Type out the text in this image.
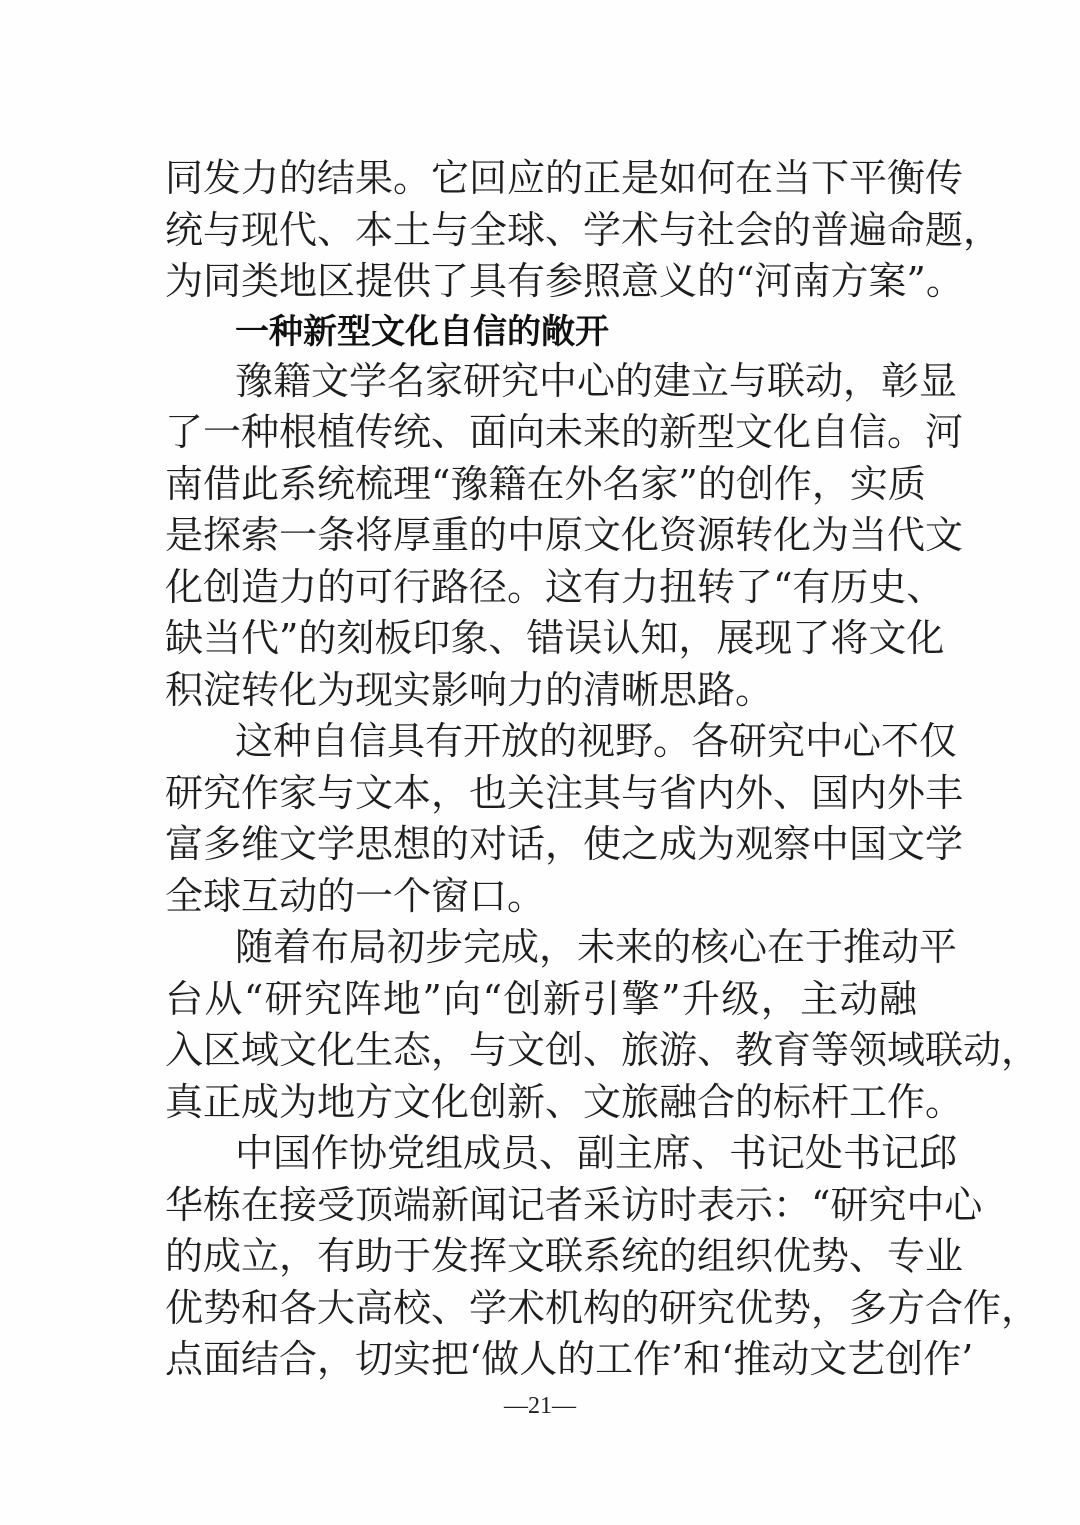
同发力的结果。它回应的正是如何在当下平衡传
统与现代、本土与全球、学术与社会的普遍命题，
为同类地区提供了具有参照意义的“河南方案”。
一种新型文化自信的敞开
豫籍文学名家研究中心的建立与联动，彰显
了一种根植传统、面向未来的新型文化自信。河
南借此系统梳理“豫籍在外名家”的创作，实质
是探索一条将厚重的中原文化资源转化为当代文
化创造力的可行路径。这有力扭转了“有历史、
缺当代”的刻板印象、错误认知，展现了将文化
积淀转化为现实影响力的清晰思路。
这种自信具有开放的视野。各研究中心不仅
研究作家与文本，也关注其与省内外、国内外丰
富多维文学思想的对话，使之成为观察中国文学
全球互动的一个窗口。
随着布局初步完成，未来的核心在于推动平
台从“研究阵地”向“创新引擎”升级，主动融
入区域文化生态，与文创、旅游、教育等领域联动，
真正成为地方文化创新、文旅融合的标杆工作。
中国作协党组成员、副主席、书记处书记邱
华栋在接受顶端新闻记者采访时表示：“研究中心
的成立，有助于发挥文联系统的组织优势、专业
优势和各大高校、学术机构的研究优势，多方合作，
点面结合，切实把‘做人的工作’和‘推动文艺创作’
—21—
